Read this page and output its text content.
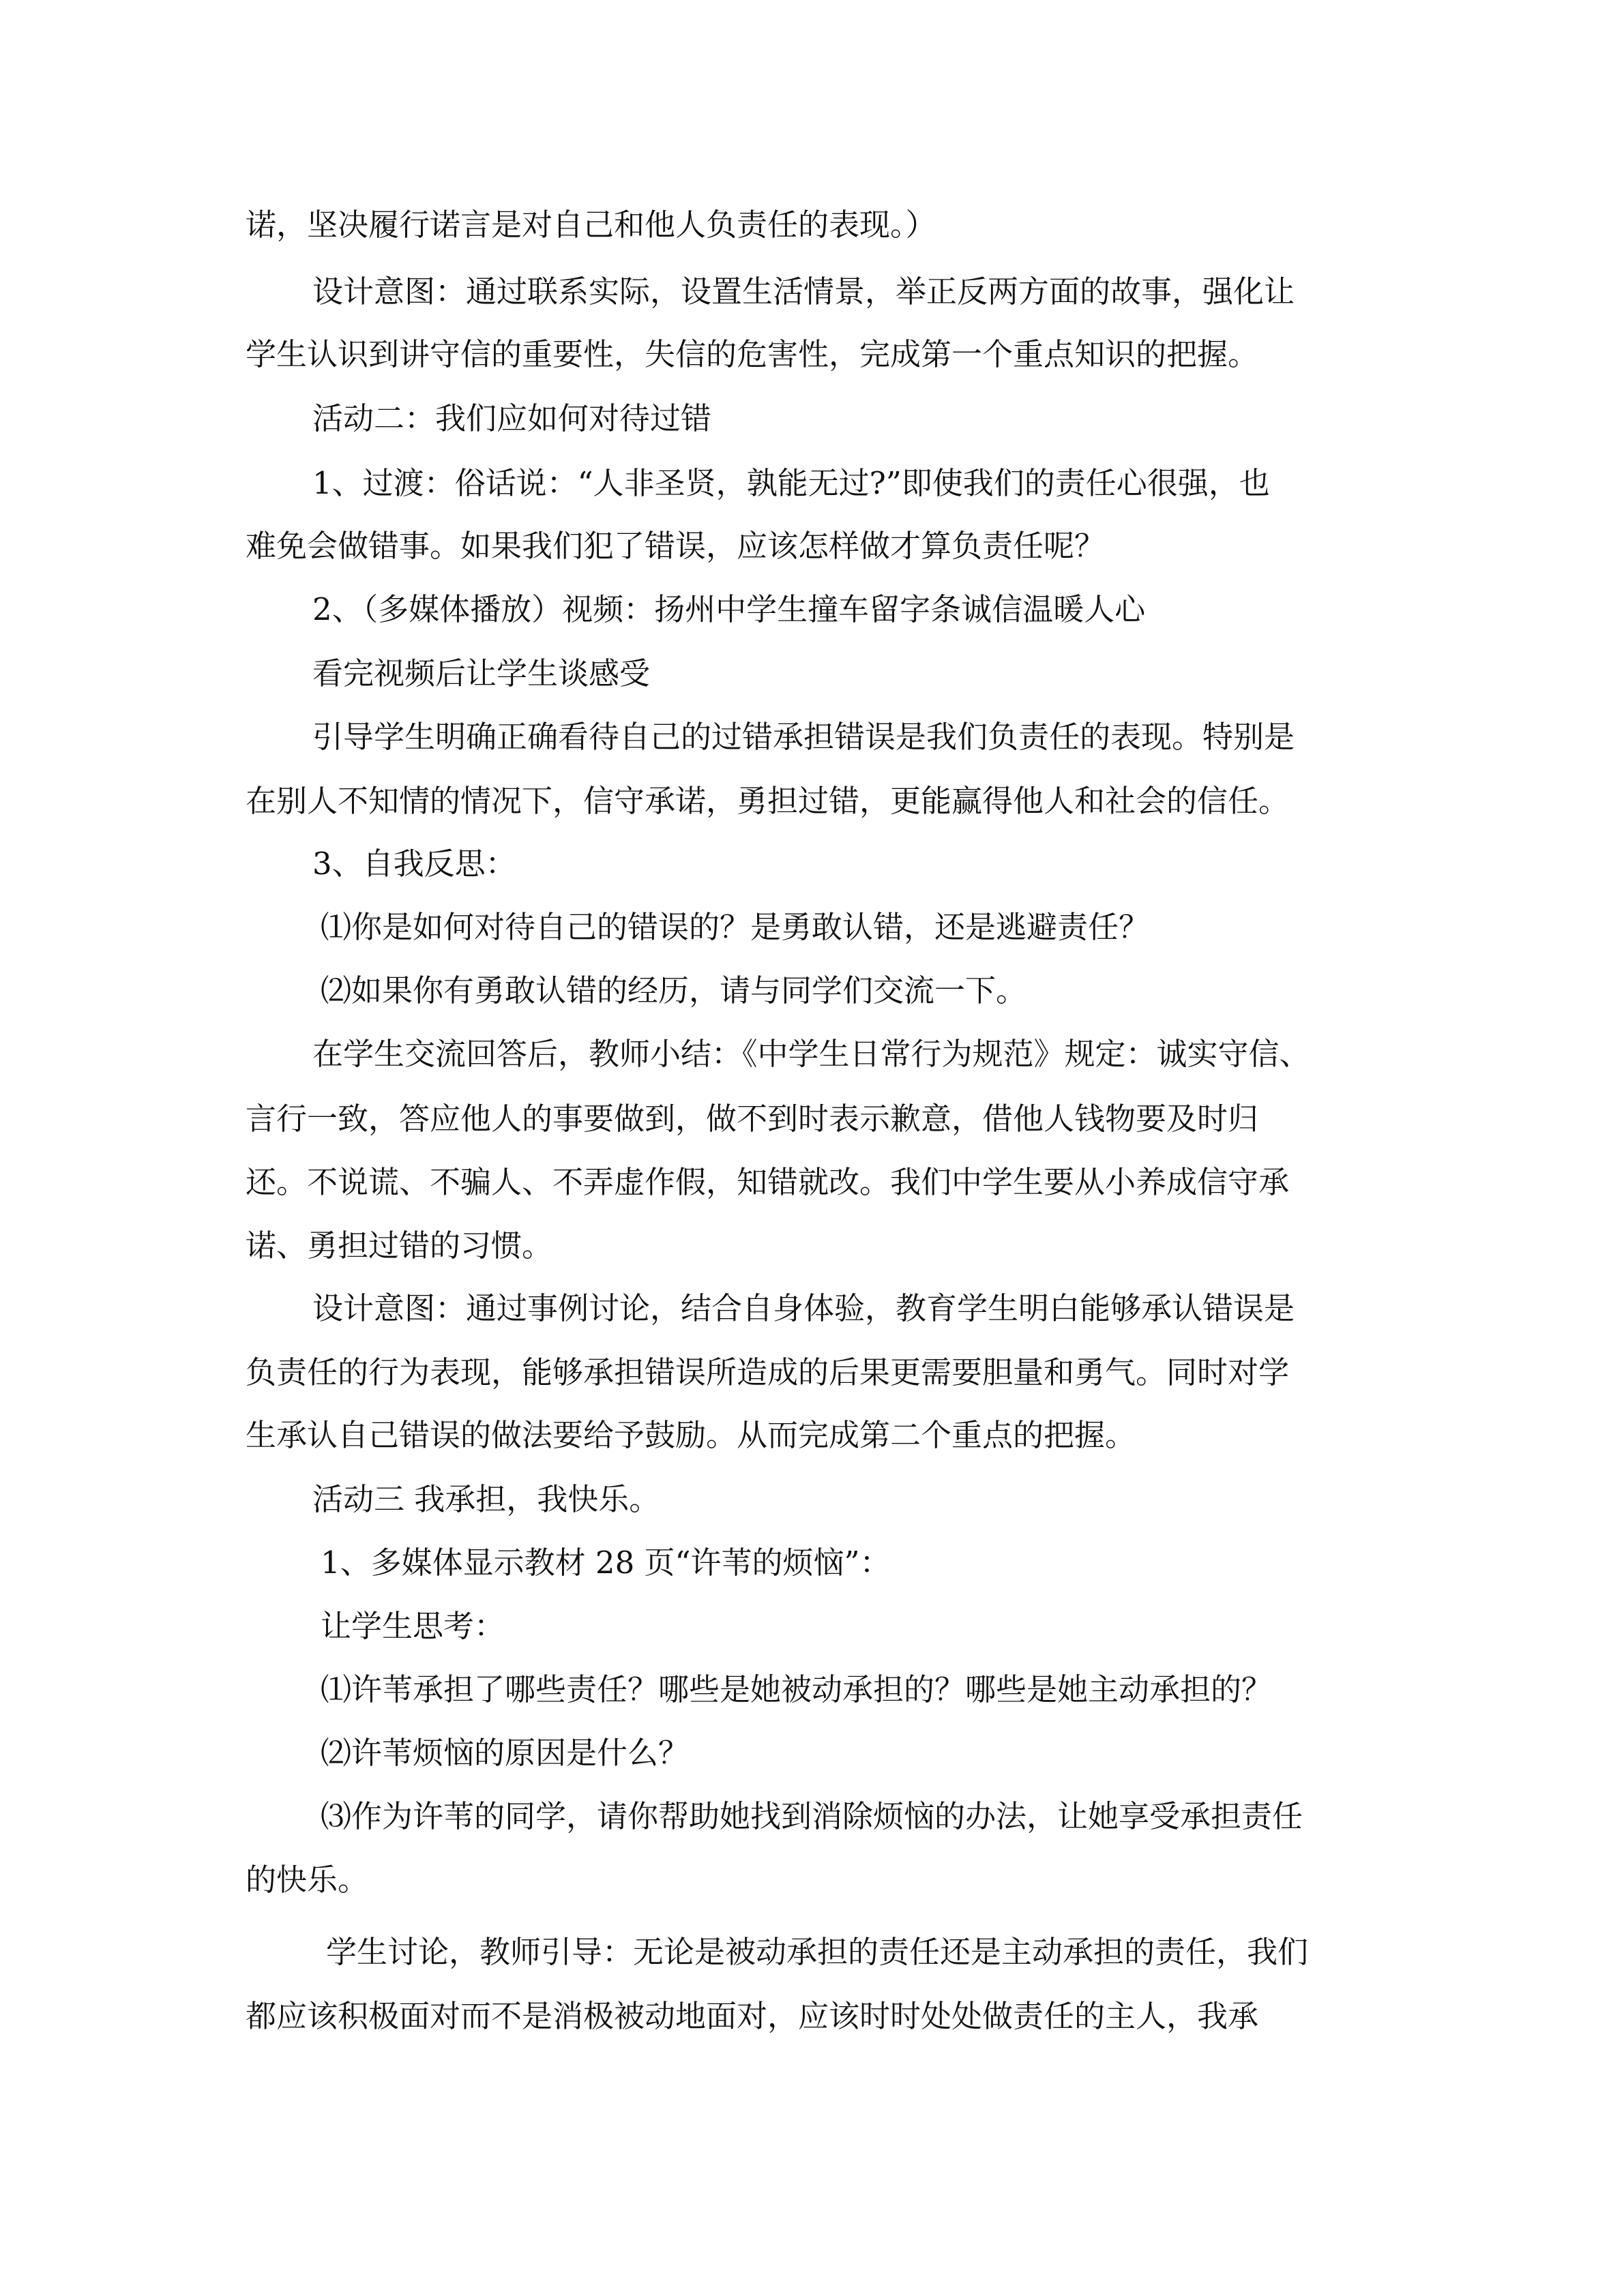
诺，坚决履行诺言是对自己和他人负责任的表现。）
设计意图：通过联系实际，设置生活情景，举正反两方面的故事，强化让
学生认识到讲守信的重要性，失信的危害性，完成第一个重点知识的把握。
活动二：我们应如何对待过错
1、过渡：俗话说：“人非圣贤，孰能无过?”即使我们的责任心很强，也
难免会做错事。如果我们犯了错误，应该怎样做才算负责任呢？
2、（多媒体播放）视频：扬州中学生撞车留字条诚信温暖人心
看完视频后让学生谈感受
引导学生明确正确看待自己的过错承担错误是我们负责任的表现。特别是
在别人不知情的情况下，信守承诺，勇担过错，更能赢得他人和社会的信任。
3、自我反思：
⑴你是如何对待自己的错误的？是勇敢认错，还是逃避责任？
⑵如果你有勇敢认错的经历，请与同学们交流一下。
在学生交流回答后，教师小结：《中学生日常行为规范》规定：诚实守信、
言行一致，答应他人的事要做到，做不到时表示歉意，借他人钱物要及时归
还。不说谎、不骗人、不弄虚作假，知错就改。我们中学生要从小养成信守承
诺、勇担过错的习惯。
设计意图：通过事例讨论，结合自身体验，教育学生明白能够承认错误是
负责任的行为表现，能够承担错误所造成的后果更需要胆量和勇气。同时对学
生承认自己错误的做法要给予鼓励。从而完成第二个重点的把握。
活动三 我承担，我快乐。
1、多媒体显示教材 28 页“许苇的烦恼”：
让学生思考：
⑴许苇承担了哪些责任？哪些是她被动承担的？哪些是她主动承担的？
⑵许苇烦恼的原因是什么？
⑶作为许苇的同学，请你帮助她找到消除烦恼的办法，让她享受承担责任
的快乐。
学生讨论，教师引导：无论是被动承担的责任还是主动承担的责任，我们
都应该积极面对而不是消极被动地面对，应该时时处处做责任的主人，我承
